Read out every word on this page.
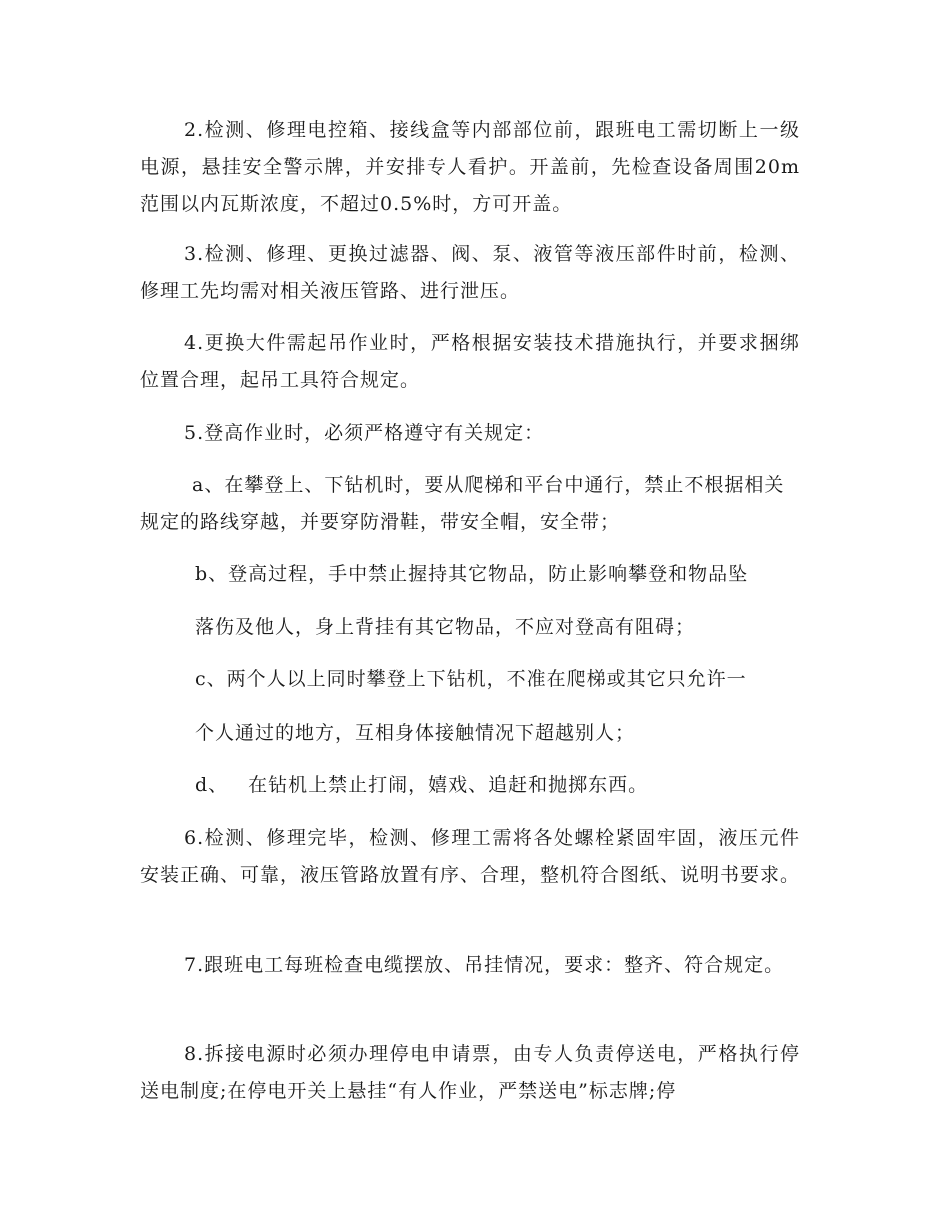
2.检测、修理电控箱、接线盒等内部部位前，跟班电工需切断上一级电源，悬挂安全警示牌，并安排专人看护。开盖前，先检查设备周围20m范围以内瓦斯浓度，不超过0.5%时，方可开盖。

3.检测、修理、更换过滤器、阀、泵、液管等液压部件时前，检测、修理工先均需对相关液压管路、进行泄压。

4.更换大件需起吊作业时，严格根据安装技术措施执行，并要求捆绑位置合理，起吊工具符合规定。

5.登高作业时，必须严格遵守有关规定：

a、在攀登上、下钻机时，要从爬梯和平台中通行，禁止不根据相关规定的路线穿越，并要穿防滑鞋，带安全帽，安全带；

b、登高过程，手中禁止握持其它物品，防止影响攀登和物品坠

落伤及他人，身上背挂有其它物品，不应对登高有阻碍；

c、两个人以上同时攀登上下钻机，不准在爬梯或其它只允许一

个人通过的地方，互相身体接触情况下超越别人；

d、 在钻机上禁止打闹，嬉戏、追赶和抛掷东西。

6.检测、修理完毕，检测、修理工需将各处螺栓紧固牢固，液压元件安装正确、可靠，液压管路放置有序、合理，整机符合图纸、说明书要求。

7.跟班电工每班检查电缆摆放、吊挂情况，要求：整齐、符合规定。

8.拆接电源时必须办理停电申请票，由专人负责停送电，严格执行停送电制度;在停电开关上悬挂“有人作业，严禁送电”标志牌;停
